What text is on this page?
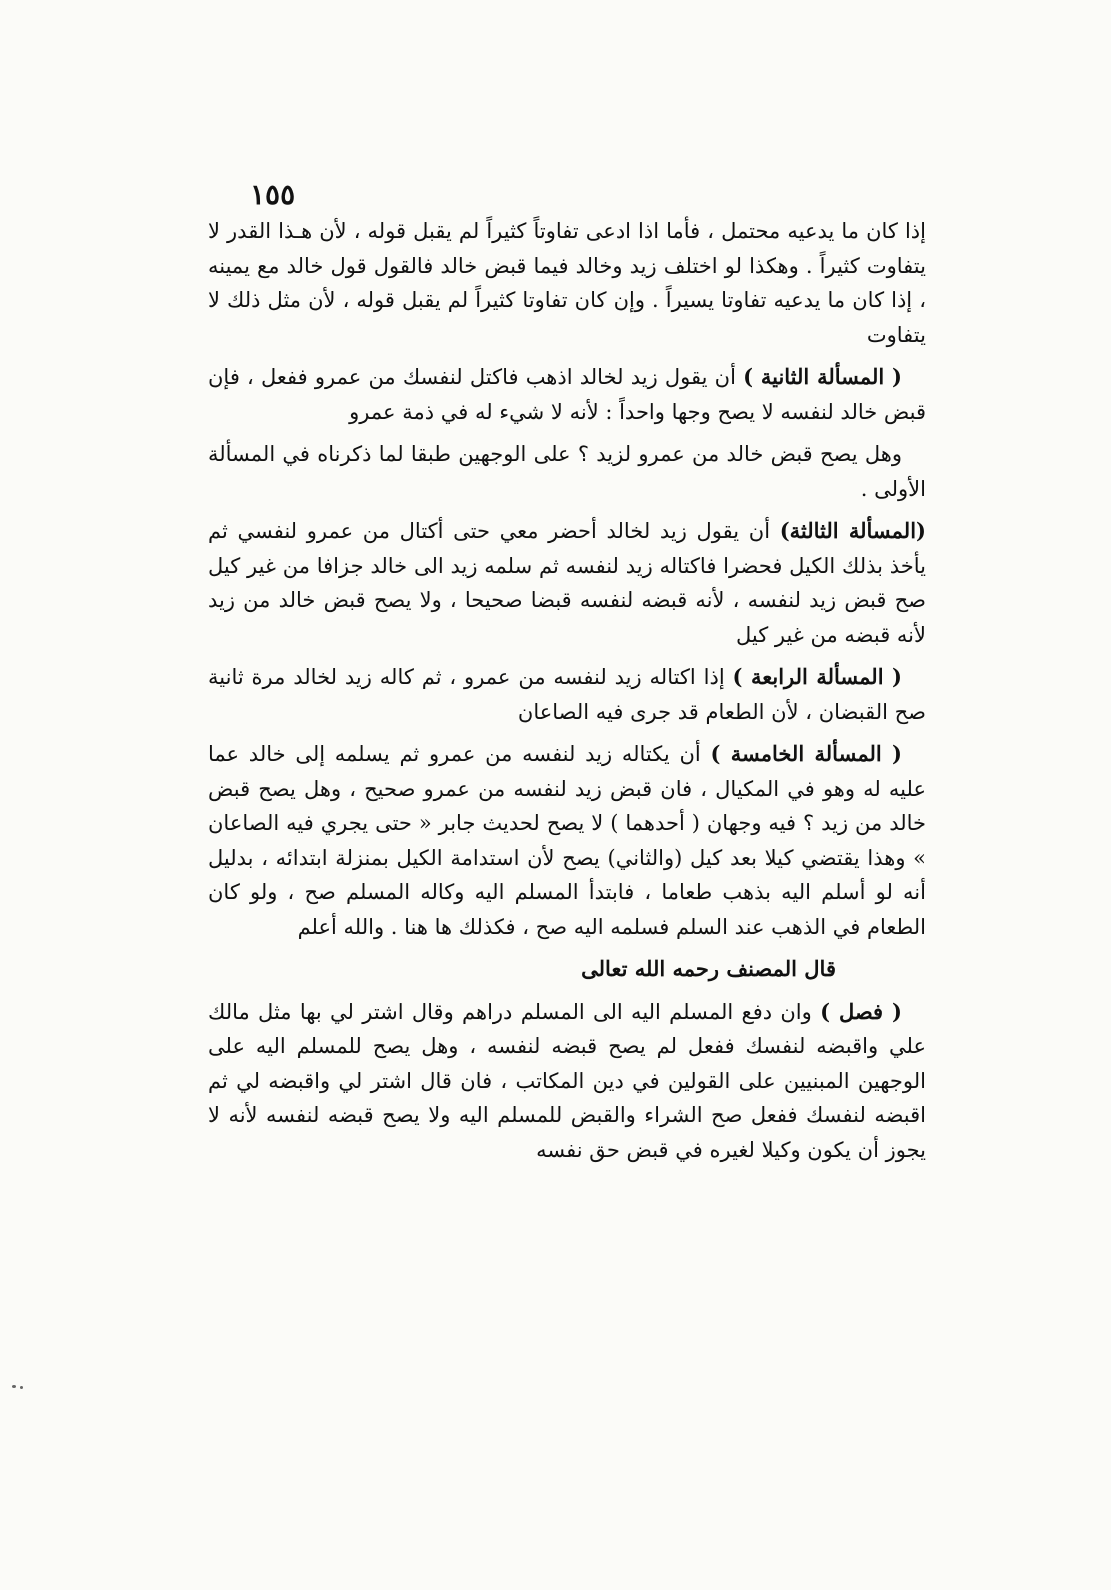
١٥٥

إذا كان ما يدعيه محتمل ، فأما اذا ادعى تفاوتاً كثيراً لم يقبل قوله ، لأن هـذا القدر لا يتفاوت كثيراً . وهكذا لو اختلف زيد وخالد فيما قبض خالد فالقول قول خالد مع يمينه ، إذا كان ما يدعيه تفاوتا يسيراً . وإن كان تفاوتا كثيراً لم يقبل قوله ، لأن مثل ذلك لا يتفاوت

( المسألة الثانية ) أن يقول زيد لخالد اذهب فاكتل لنفسك من عمرو ففعل ، فإن قبض خالد لنفسه لا يصح وجها واحداً : لأنه لا شيء له في ذمة عمرو

وهل يصح قبض خالد من عمرو لزيد ؟ على الوجهين طبقا لما ذكرناه في المسألة الأولى .

(المسألة الثالثة) أن يقول زيد لخالد أحضر معي حتى أكتال من عمرو لنفسي ثم يأخذ بذلك الكيل فحضرا فاكتاله زيد لنفسه ثم سلمه زيد الى خالد جزافا من غير كيل صح قبض زيد لنفسه ، لأنه قبضه لنفسه قبضا صحيحا ، ولا يصح قبض خالد من زيد لأنه قبضه من غير كيل

( المسألة الرابعة ) إذا اكتاله زيد لنفسه من عمرو ، ثم كاله زيد لخالد مرة ثانية صح القبضان ، لأن الطعام قد جرى فيه الصاعان

( المسألة الخامسة ) أن يكتاله زيد لنفسه من عمرو ثم يسلمه إلى خالد عما عليه له وهو في المكيال ، فان قبض زيد لنفسه من عمرو صحيح ، وهل يصح قبض خالد من زيد ؟ فيه وجهان ( أحدهما ) لا يصح لحديث جابر « حتى يجري فيه الصاعان » وهذا يقتضي كيلا بعد كيل (والثاني) يصح لأن استدامة الكيل بمنزلة ابتدائه ، بدليل أنه لو أسلم اليه بذهب طعاما ، فابتدأ المسلم اليه وكاله المسلم صح ، ولو كان الطعام في الذهب عند السلم فسلمه اليه صح ، فكذلك ها هنا . والله أعلم

قال المصنف رحمه الله تعالى

( فصل ) وان دفع المسلم اليه الى المسلم دراهم وقال اشتر لي بها مثل مالك علي واقبضه لنفسك ففعل لم يصح قبضه لنفسه ، وهل يصح للمسلم اليه على الوجهين المبنيين على القولين في دين المكاتب ، فان قال اشتر لي واقبضه لي ثم اقبضه لنفسك ففعل صح الشراء والقبض للمسلم اليه ولا يصح قبضه لنفسه لأنه لا يجوز أن يكون وكيلا لغيره في قبض حق نفسه
